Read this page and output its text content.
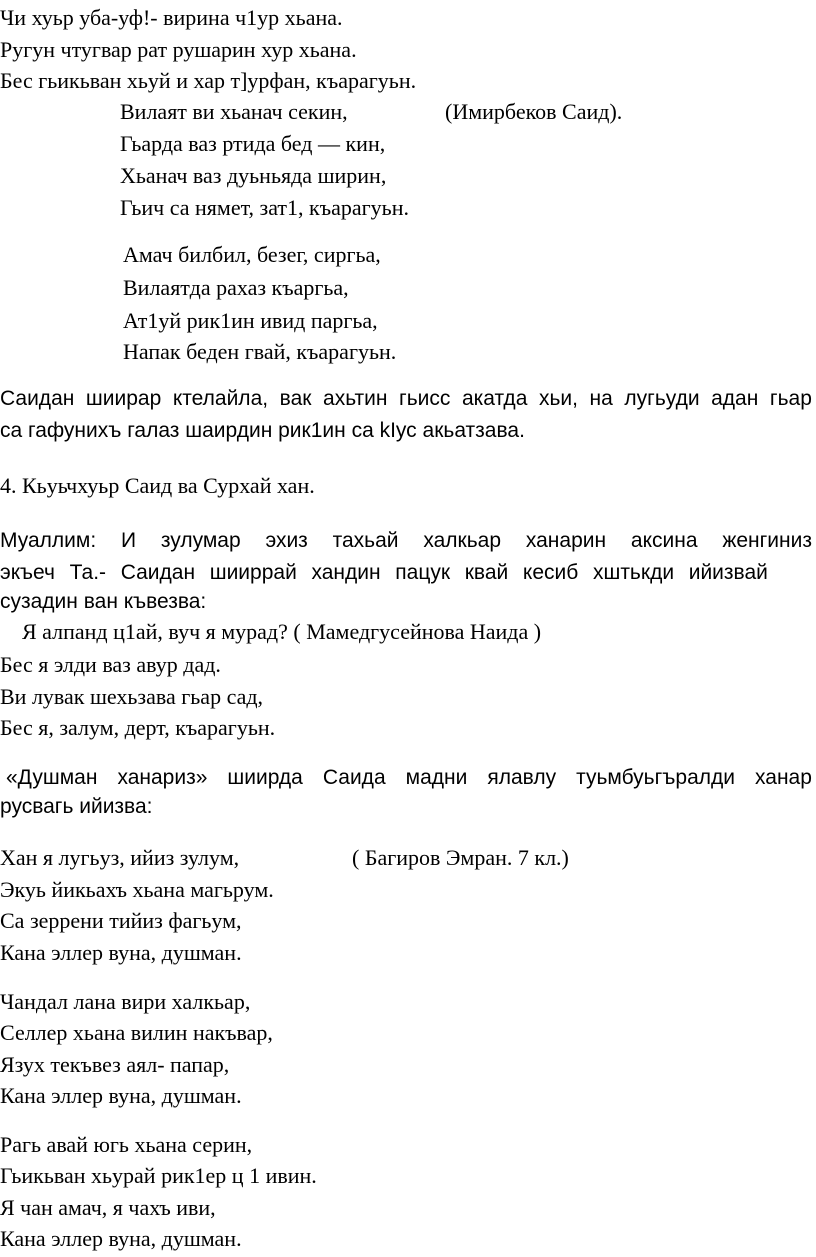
Чи хуьр уба-уф!- вирина ч1ур хьана.
Ругун чтугвар рат рушарин хур хьана.
Бес гьикьван хьуй и хар т]урфан, къарагуьн.
Вилаят ви хьанач секин,	(Имирбеков Саид).
Гьарда ваз ртида бед — кин,
Хьанач ваз дуьньяда ширин,
Гьич са нямет, зат1, къарагуьн.
Амач билбил, безег, сиргьа,
Вилаятда рахаз къаргьа,
Ат1уй рик1ин ивид паргьа,
Напак беден гвай, къарагуьн.
Саидан шиирар ктелайла, вак ахьтин гьисс акатда хьи, на лугьуди адан гьар
са гафунихъ галаз шаирдин рик1ин са kIус акьатзава.
4. Кьуьчхуьр Саид ва Сурхай хан.
Муаллим: И зулумар эхиз тахьай халкьар ханарин аксина женгиниз
экъеч Та.- Саидан шииррай хандин пацук квай кесиб хштькди ийизвай
сузадин ван къвезва:
Я алпанд ц1ай, вуч я мурад? ( Мамедгусейнова Наида )
Бес я элди ваз авур дад.
Ви лувак шехьзава гьар сад,
Бес я, залум, дерт, къарагуьн.
«Душман ханариз» шиирда Саида мадни ялавлу туьмбуьгъралди ханар
русвагь ийизва:
Хан я лугьуз, ийиз зулум,	( Багиров Эмран. 7 кл.)
Экуь йикьахъ хьана магьрум.
Са зеррени тийиз фагьум,
Кана эллер вуна, душман.
Чандал лана вири халкьар,
Селлер хьана вилин накъвар,
Язух текъвез аял- папар,
Кана эллер вуна, душман.
Рагь авай югь хьана серин,
Гьикьван хьурай рик1ер ц 1 ивин.
Я чан амач, я чахъ иви,
Кана эллер вуна, душман.
